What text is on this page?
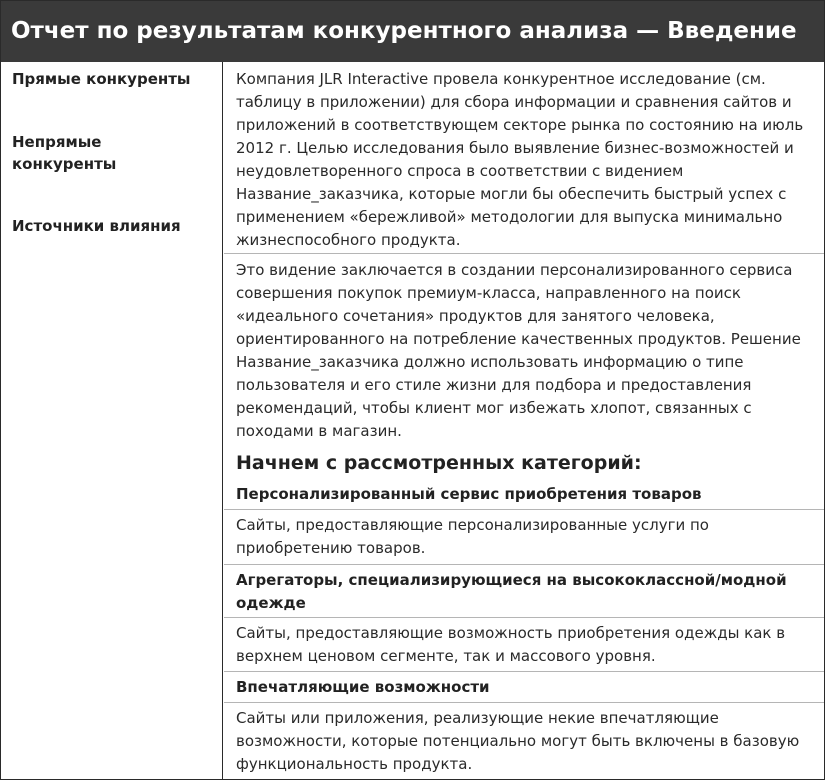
Отчет по результатам конкурентного анализа — Введение
Прямые конкуренты
Непрямые конкуренты
Источники влияния
Компания JLR Interactive провела конкурентное исследование (см. таблицу в приложении) для сбора информации и сравнения сайтов и приложений в соответствующем секторе рынка по состоянию на июль 2012 г. Целью исследования было выявление бизнес-возможностей и неудовлетворенного спроса в соответствии с видением Название_заказчика, которые могли бы обеспечить быстрый успех с применением «бережливой» методологии для выпуска минимально жизнеспособного продукта.
Это видение заключается в создании персонализированного сервиса совершения покупок премиум-класса, направленного на поиск «идеального сочетания» продуктов для занятого человека, ориентированного на потребление качественных продуктов. Решение Название_заказчика должно использовать информацию о типе пользователя и его стиле жизни для подбора и предоставления рекомендаций, чтобы клиент мог избежать хлопот, связанных с походами в магазин.
Начнем с рассмотренных категорий:
Персонализированный сервис приобретения товаров
Сайты, предоставляющие персонализированные услуги по приобретению товаров.
Агрегаторы, специализирующиеся на высококлассной/модной одежде
Сайты, предоставляющие возможность приобретения одежды как в верхнем ценовом сегменте, так и массового уровня.
Впечатляющие возможности
Сайты или приложения, реализующие некие впечатляющие возможности, которые потенциально могут быть включены в базовую функциональность продукта.
